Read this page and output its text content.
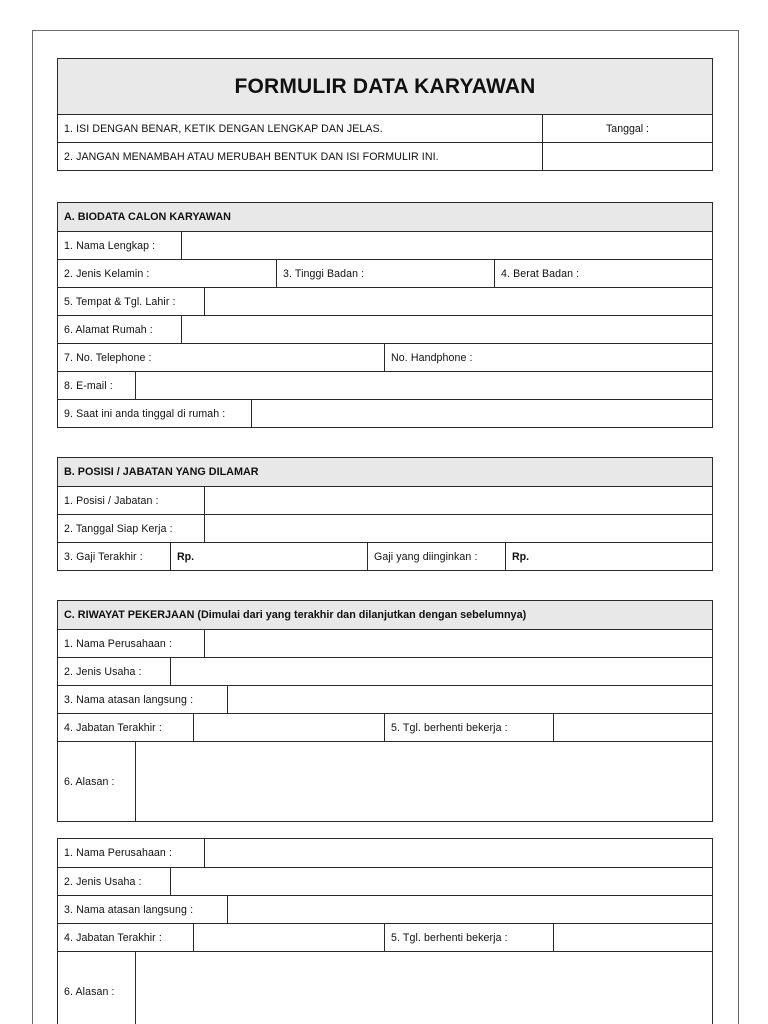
FORMULIR DATA KARYAWAN
1. ISI DENGAN BENAR, KETIK DENGAN LENGKAP DAN JELAS.	Tanggal :
2. JANGAN MENAMBAH ATAU MERUBAH BENTUK DAN ISI FORMULIR INI.
A. BIODATA CALON KARYAWAN
1. Nama Lengkap :
2. Jenis Kelamin :	3. Tinggi Badan :	4. Berat Badan :
5. Tempat & Tgl. Lahir :
6. Alamat Rumah :
7. No. Telephone :	No. Handphone :
8. E-mail :
9. Saat ini anda tinggal di rumah :
B. POSISI / JABATAN YANG DILAMAR
1. Posisi / Jabatan :
2. Tanggal Siap Kerja :
3. Gaji Terakhir :	Rp.	Gaji yang diinginkan :	Rp.
C. RIWAYAT PEKERJAAN (Dimulai dari yang terakhir dan dilanjutkan dengan sebelumnya)
1. Nama Perusahaan :
2. Jenis Usaha :
3. Nama atasan langsung :
4. Jabatan Terakhir :	5. Tgl. berhenti bekerja :
6. Alasan :
1. Nama Perusahaan :
2. Jenis Usaha :
3. Nama atasan langsung :
4. Jabatan Terakhir :	5. Tgl. berhenti bekerja :
6. Alasan :
